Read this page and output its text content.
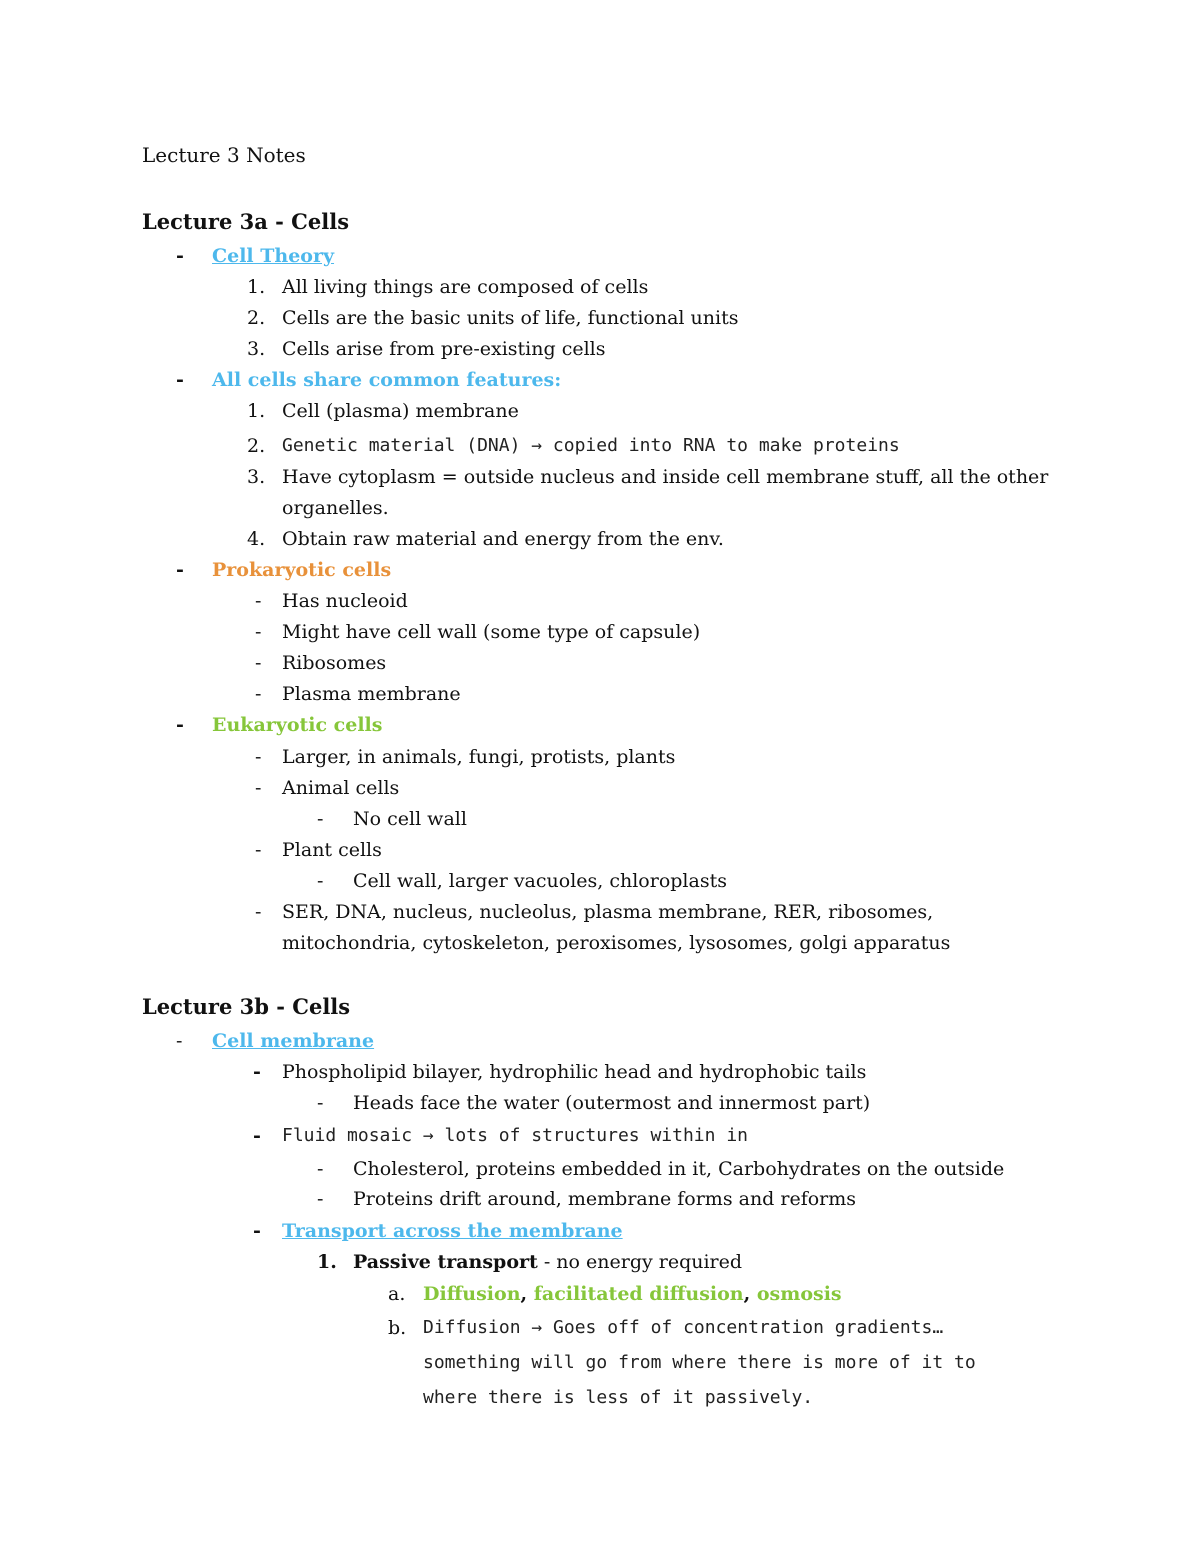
Lecture 3 Notes
Lecture 3a - Cells
- Cell Theory
1. All living things are composed of cells
2. Cells are the basic units of life, functional units
3. Cells arise from pre-existing cells
- All cells share common features:
1. Cell (plasma) membrane
2. Genetic material (DNA) → copied into RNA to make proteins
3. Have cytoplasm = outside nucleus and inside cell membrane stuff, all the other
organelles.
4. Obtain raw material and energy from the env.
- Prokaryotic cells
- Has nucleoid
- Might have cell wall (some type of capsule)
- Ribosomes
- Plasma membrane
- Eukaryotic cells
- Larger, in animals, fungi, protists, plants
- Animal cells
- No cell wall
- Plant cells
- Cell wall, larger vacuoles, chloroplasts
- SER, DNA, nucleus, nucleolus, plasma membrane, RER, ribosomes,
mitochondria, cytoskeleton, peroxisomes, lysosomes, golgi apparatus
Lecture 3b - Cells
- Cell membrane
- Phospholipid bilayer, hydrophilic head and hydrophobic tails
- Heads face the water (outermost and innermost part)
- Fluid mosaic → lots of structures within in
- Cholesterol, proteins embedded in it, Carbohydrates on the outside
- Proteins drift around, membrane forms and reforms
- Transport across the membrane
1. Passive transport - no energy required
a. Diffusion, facilitated diffusion, osmosis
b. Diffusion → Goes off of concentration gradients…
something will go from where there is more of it to
where there is less of it passively.
